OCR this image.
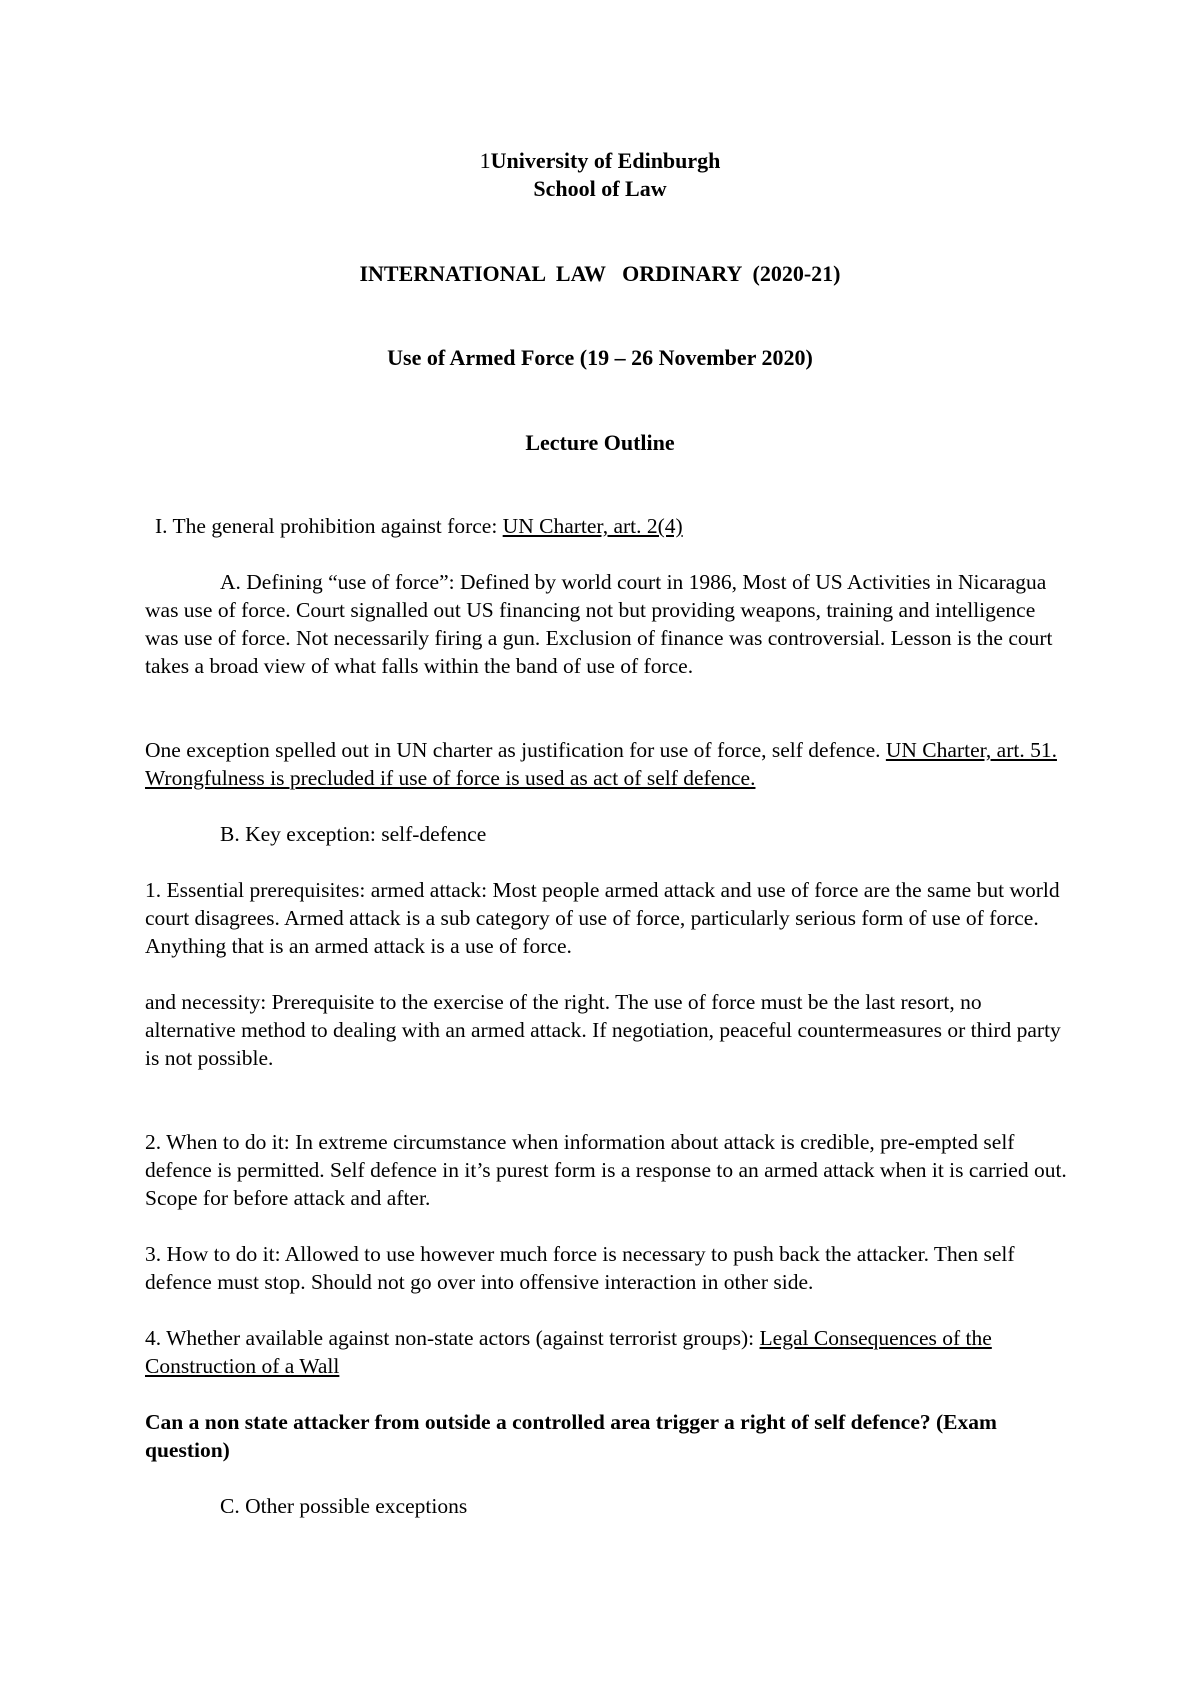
1University of Edinburgh

School of Law

INTERNATIONAL  LAW   ORDINARY  (2020-21)

Use of Armed Force (19 – 26 November 2020)

Lecture Outline

I. The general prohibition against force: UN Charter, art. 2(4)

A. Defining “use of force”: Defined by world court in 1986, Most of US Activities in Nicaragua was use of force. Court signalled out US financing not but providing weapons, training and intelligence was use of force. Not necessarily firing a gun. Exclusion of finance was controversial. Lesson is the court takes a broad view of what falls within the band of use of force.

One exception spelled out in UN charter as justification for use of force, self defence. UN Charter, art. 51. Wrongfulness is precluded if use of force is used as act of self defence.

B. Key exception: self-defence

1. Essential prerequisites: armed attack: Most people armed attack and use of force are the same but world court disagrees. Armed attack is a sub category of use of force, particularly serious form of use of force. Anything that is an armed attack is a use of force.

and necessity: Prerequisite to the exercise of the right. The use of force must be the last resort, no alternative method to dealing with an armed attack. If negotiation, peaceful countermeasures or third party is not possible.

2. When to do it: In extreme circumstance when information about attack is credible, pre-empted self defence is permitted. Self defence in it’s purest form is a response to an armed attack when it is carried out. Scope for before attack and after.

3. How to do it: Allowed to use however much force is necessary to push back the attacker. Then self defence must stop. Should not go over into offensive interaction in other side.

4. Whether available against non-state actors (against terrorist groups): Legal Consequences of the Construction of a Wall

Can a non state attacker from outside a controlled area trigger a right of self defence? (Exam question)

C. Other possible exceptions
